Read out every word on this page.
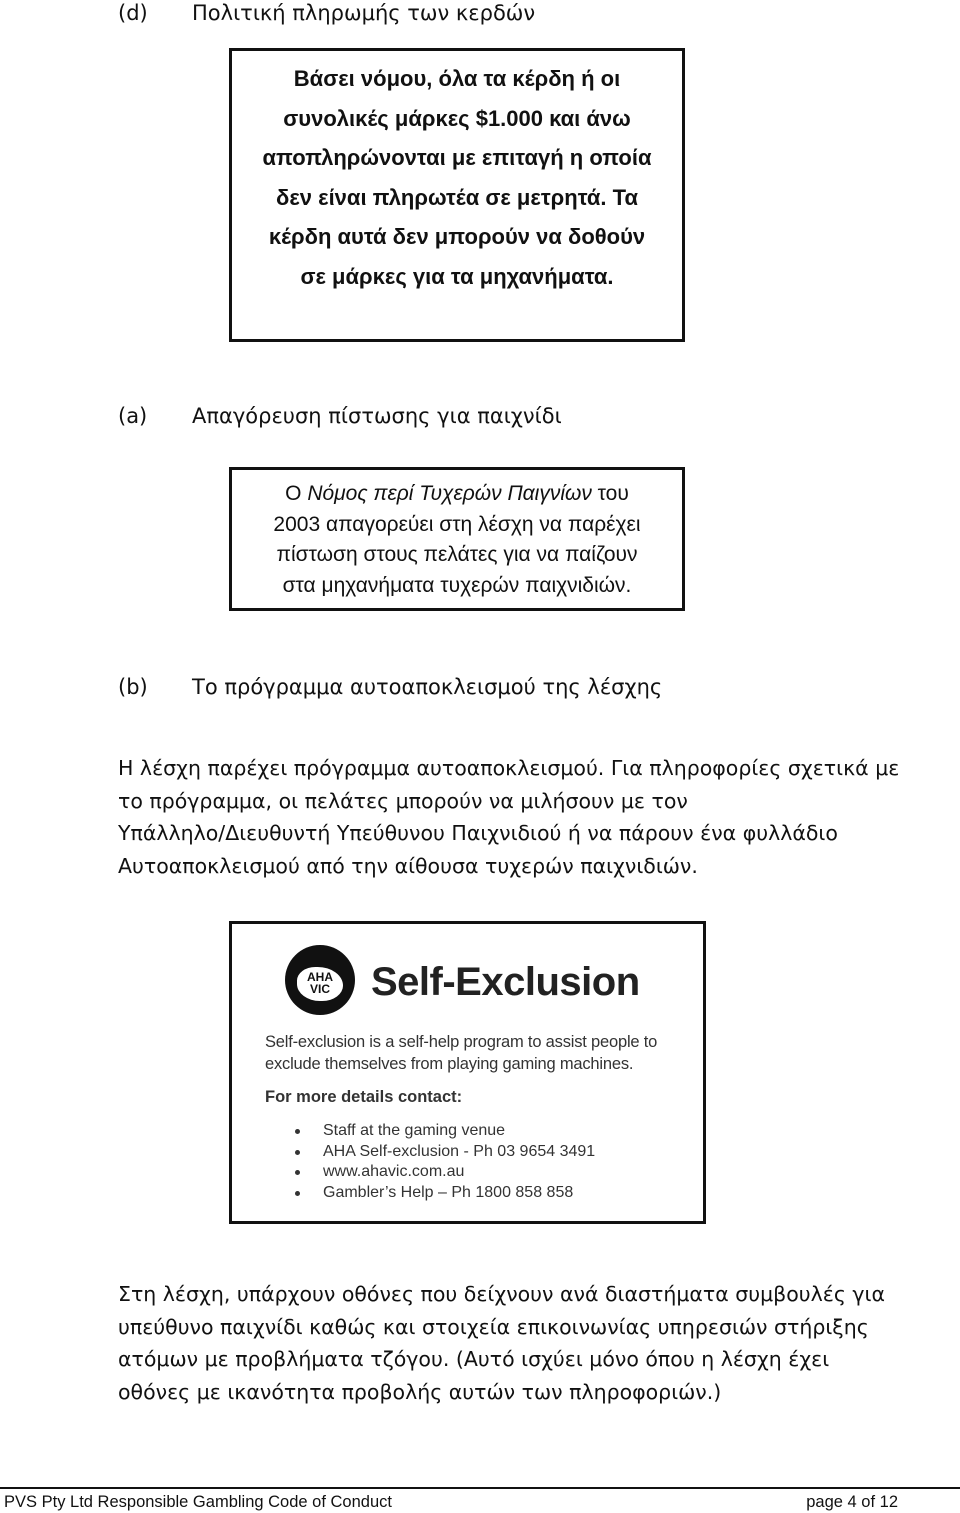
(d) Πολιτική πληρωμής των κερδών

Βάσει νόμου, όλα τα κέρδη ή οι
συνολικές μάρκες $1.000 και άνω
αποπληρώνονται με επιταγή η οποία
δεν είναι πληρωτέα σε μετρητά. Τα
κέρδη αυτά δεν μπορούν να δοθούν
σε μάρκες για τα μηχανήματα.

(a) Απαγόρευση πίστωσης για παιχνίδι

Ο Νόμος περί Τυχερών Παιγνίων του
2003 απαγορεύει στη λέσχη να παρέχει
πίστωση στους πελάτες για να παίζουν
στα μηχανήματα τυχερών παιχνιδιών.

(b) Το πρόγραμμα αυτοαποκλεισμού της λέσχης

Η λέσχη παρέχει πρόγραμμα αυτοαποκλεισμού. Για πληροφορίες σχετικά με
το πρόγραμμα, οι πελάτες μπορούν να μιλήσουν με τον
Υπάλληλο/Διευθυντή Υπεύθυνου Παιχνιδιού ή να πάρουν ένα φυλλάδιο
Αυτοαποκλεισμού από την αίθουσα τυχερών παιχνιδιών.

AHA VIC	Self-Exclusion

Self-exclusion is a self-help program to assist people to
exclude themselves from playing gaming machines.

For more details contact:
Staff at the gaming venue
AHA Self-exclusion - Ph 03 9654 3491
www.ahavic.com.au
Gambler’s Help – Ph 1800 858 858

Στη λέσχη, υπάρχουν οθόνες που δείχνουν ανά διαστήματα συμβουλές για
υπεύθυνο παιχνίδι καθώς και στοιχεία επικοινωνίας υπηρεσιών στήριξης
ατόμων με προβλήματα τζόγου. (Αυτό ισχύει μόνο όπου η λέσχη έχει
οθόνες με ικανότητα προβολής αυτών των πληροφοριών.)

PVS Pty Ltd Responsible Gambling Code of Conduct	page 4 of 12
